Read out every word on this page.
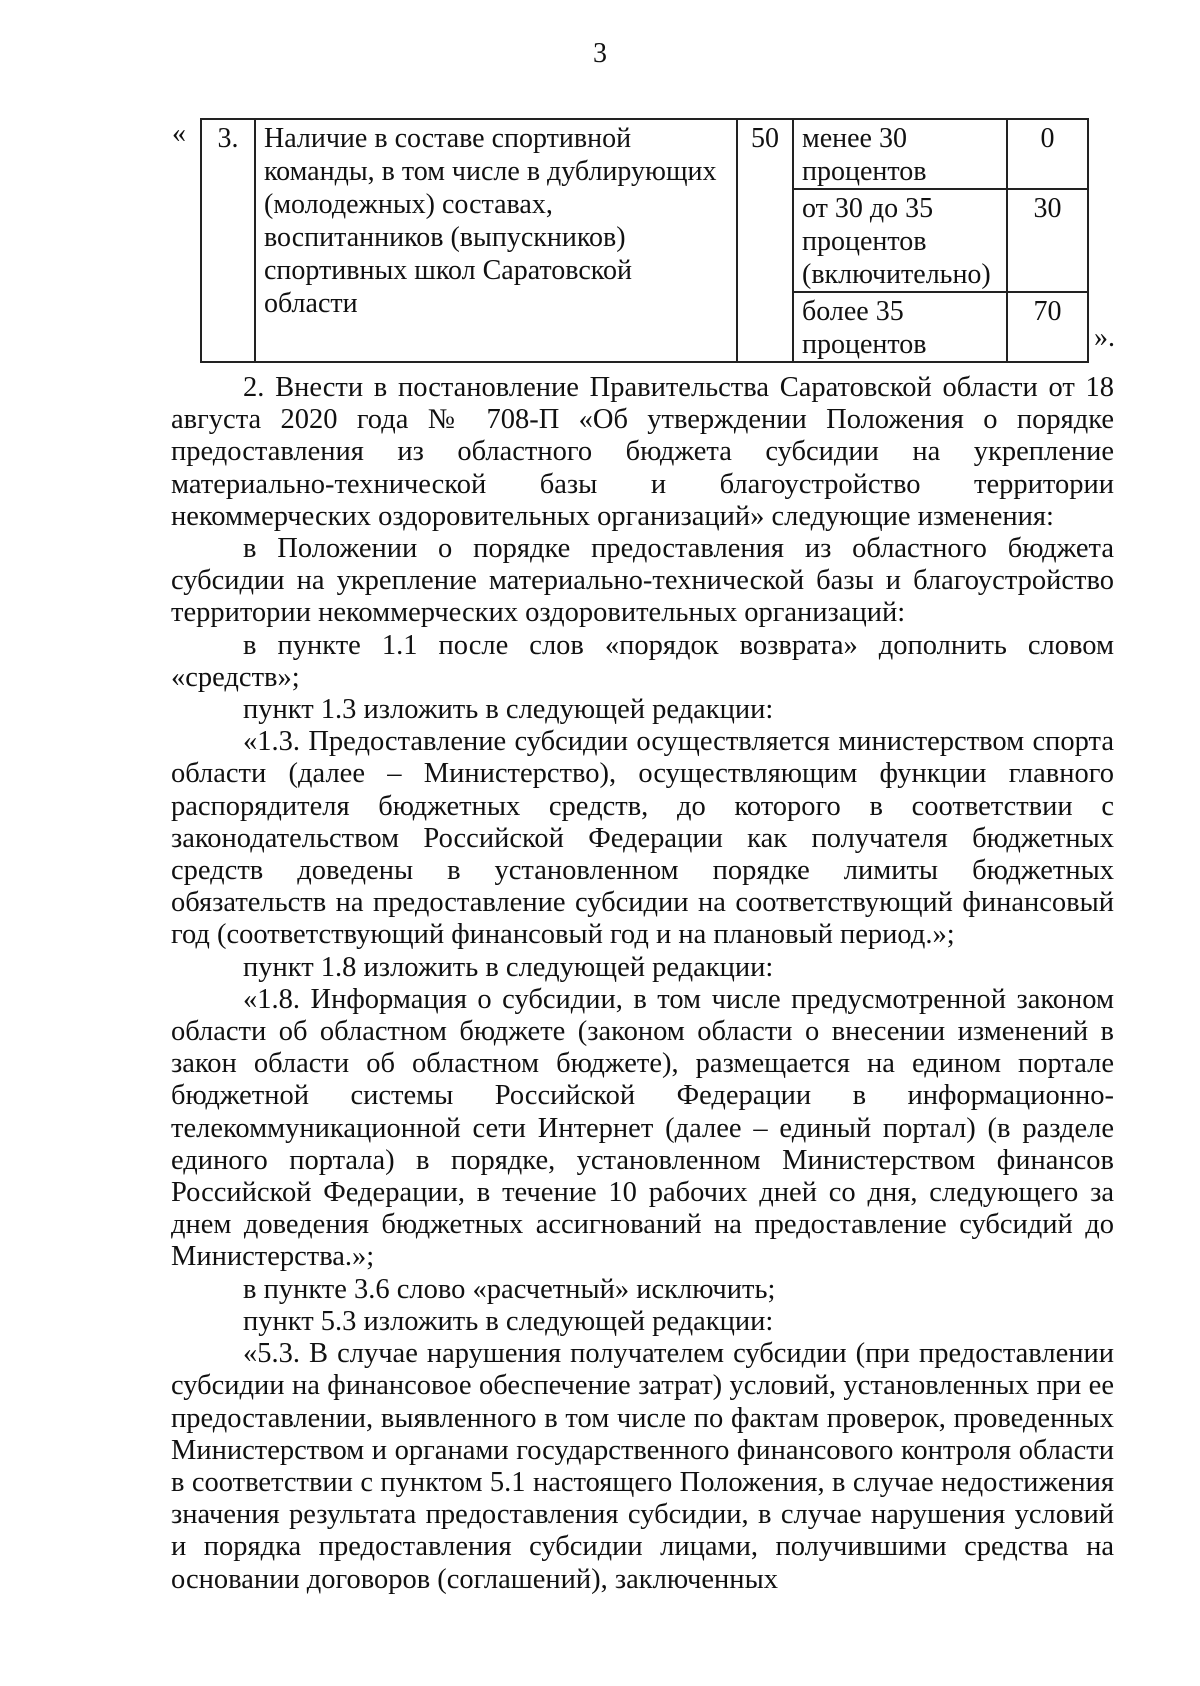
3
« 3.	Наличие в составе спортивной команды, в том числе в дублирующих (молодежных) составах, воспитанников (выпускников) спортивных школ Саратовской области	50	менее 30 процентов	0
			от 30 до 35 процентов (включительно)	30
			более 35 процентов	70
».

2. Внести в постановление Правительства Саратовской области от 18 августа 2020 года № 708-П «Об утверждении Положения о порядке предоставления из областного бюджета субсидии на укрепление материально-технической базы и благоустройство территории некоммерческих оздоровительных организаций» следующие изменения:

в Положении о порядке предоставления из областного бюджета субсидии на укрепление материально-технической базы и благоустройство территории некоммерческих оздоровительных организаций:

в пункте 1.1 после слов «порядок возврата» дополнить словом «средств»;

пункт 1.3 изложить в следующей редакции:

«1.3. Предоставление субсидии осуществляется министерством спорта области (далее – Министерство), осуществляющим функции главного распорядителя бюджетных средств, до которого в соответствии с законодательством Российской Федерации как получателя бюджетных средств доведены в установленном порядке лимиты бюджетных обязательств на предоставление субсидии на соответствующий финансовый год (соответствующий финансовый год и на плановый период.»;

пункт 1.8 изложить в следующей редакции:

«1.8. Информация о субсидии, в том числе предусмотренной законом области об областном бюджете (законом области о внесении изменений в закон области об областном бюджете), размещается на едином портале бюджетной системы Российской Федерации в информационно-телекоммуникационной сети Интернет (далее – единый портал) (в разделе единого портала) в порядке, установленном Министерством финансов Российской Федерации, в течение 10 рабочих дней со дня, следующего за днем доведения бюджетных ассигнований на предоставление субсидий до Министерства.»;

в пункте 3.6 слово «расчетный» исключить;

пункт 5.3 изложить в следующей редакции:

«5.3. В случае нарушения получателем субсидии (при предоставлении субсидии на финансовое обеспечение затрат) условий, установленных при ее предоставлении, выявленного в том числе по фактам проверок, проведенных Министерством и органами государственного финансового контроля области в соответствии с пунктом 5.1 настоящего Положения, в случае недостижения значения результата предоставления субсидии, в случае нарушения условий и порядка предоставления субсидии лицами, получившими средства на основании договоров (соглашений), заключенных
